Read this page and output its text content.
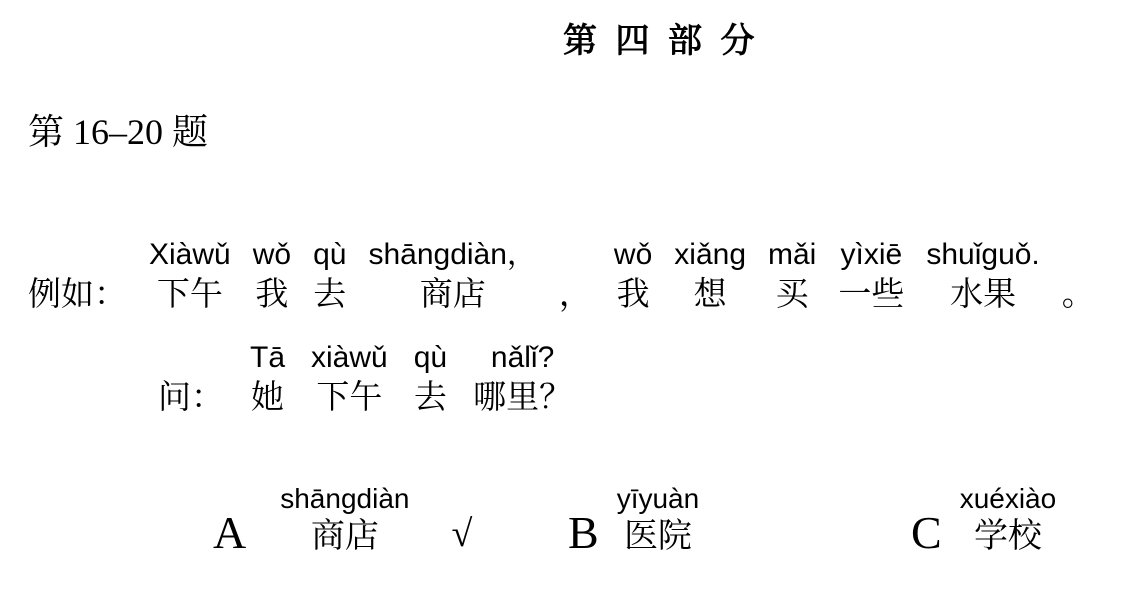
第 四 部 分
第 16–20 题
例如：
Xiàwǔ
下午
wǒ
我
qù
去
shāngdiàn，
商店 ，
wǒ
我
xiǎng
想
mǎi
买
yìxiē
一些
shuǐguǒ.
水果 。
问：
Tā
她
xiàwǔ
下午
qù
去
nǎlǐ?
哪里？
A
shāngdiàn
商店 √ B
yīyuàn
医院	C
xuéxiào
学校
